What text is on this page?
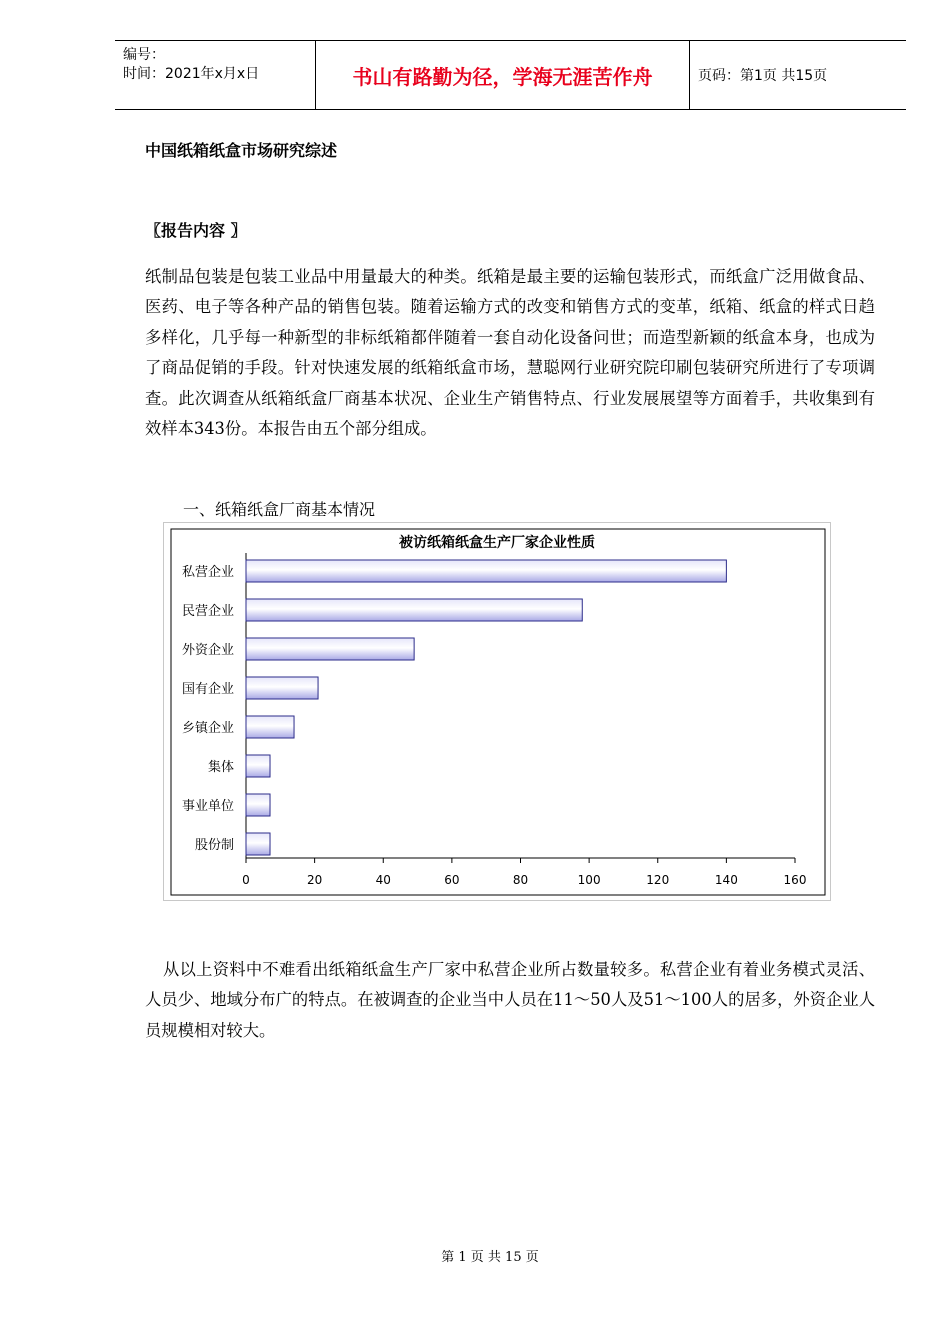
编号：
时间：2021年x月x日	书山有路勤为径，学海无涯苦作舟	页码：第1页 共15页
中国纸箱纸盒市场研究综述
〖报告内容 〗
纸制品包装是包装工业品中用量最大的种类。纸箱是最主要的运输包装形式，而纸盒广泛用做食品、医药、电子等各种产品的销售包装。随着运输方式的改变和销售方式的变革，纸箱、纸盒的样式日趋多样化，几乎每一种新型的非标纸箱都伴随着一套自动化设备问世；而造型新颖的纸盒本身，也成为了商品促销的手段。针对快速发展的纸箱纸盒市场，慧聪网行业研究院印刷包装研究所进行了专项调查。此次调查从纸箱纸盒厂商基本状况、企业生产销售特点、行业发展展望等方面着手，共收集到有效样本343份。本报告由五个部分组成。
一、纸箱纸盒厂商基本情况
被访纸箱纸盒生产厂家企业性质
私营企业
民营企业
外资企业
国有企业
乡镇企业
集体
事业单位
股份制
0	20	40	60	80	100	120	140	160
从以上资料中不难看出纸箱纸盒生产厂家中私营企业所占数量较多。私营企业有着业务模式灵活、人员少、地域分布广的特点。在被调查的企业当中人员在11～50人及51～100人的居多，外资企业人员规模相对较大。
第 1 页 共 15 页
